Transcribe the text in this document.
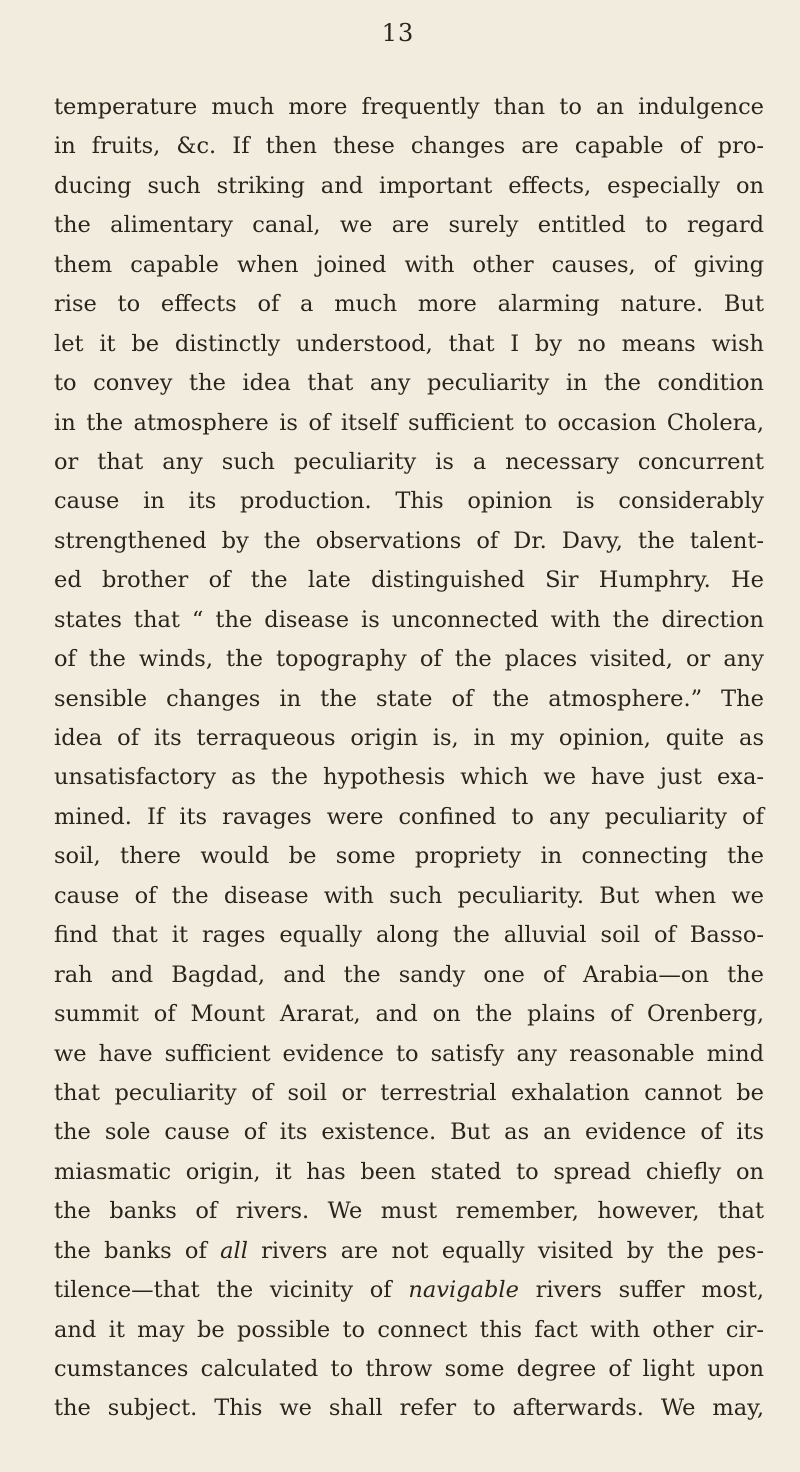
13
temperature much more frequently than to an indulgence
in fruits, &c. If then these changes are capable of pro-
ducing such striking and important effects, especially on
the alimentary canal, we are surely entitled to regard
them capable when joined with other causes, of giving
rise to effects of a much more alarming nature. But
let it be distinctly understood, that I by no means wish
to convey the idea that any peculiarity in the condition
in the atmosphere is of itself sufficient to occasion Cholera,
or that any such peculiarity is a necessary concurrent
cause in its production. This opinion is considerably
strengthened by the observations of Dr. Davy, the talent-
ed brother of the late distinguished Sir Humphry. He
states that “ the disease is unconnected with the direction
of the winds, the topography of the places visited, or any
sensible changes in the state of the atmosphere.” The
idea of its terraqueous origin is, in my opinion, quite as
unsatisfactory as the hypothesis which we have just exa-
mined. If its ravages were confined to any peculiarity of
soil, there would be some propriety in connecting the
cause of the disease with such peculiarity. But when we
find that it rages equally along the alluvial soil of Basso-
rah and Bagdad, and the sandy one of Arabia—on the
summit of Mount Ararat, and on the plains of Orenberg,
we have sufficient evidence to satisfy any reasonable mind
that peculiarity of soil or terrestrial exhalation cannot be
the sole cause of its existence. But as an evidence of its
miasmatic origin, it has been stated to spread chiefly on
the banks of rivers. We must remember, however, that
the banks of all rivers are not equally visited by the pes-
tilence—that the vicinity of navigable rivers suffer most,
and it may be possible to connect this fact with other cir-
cumstances calculated to throw some degree of light upon
the subject. This we shall refer to afterwards. We may,
